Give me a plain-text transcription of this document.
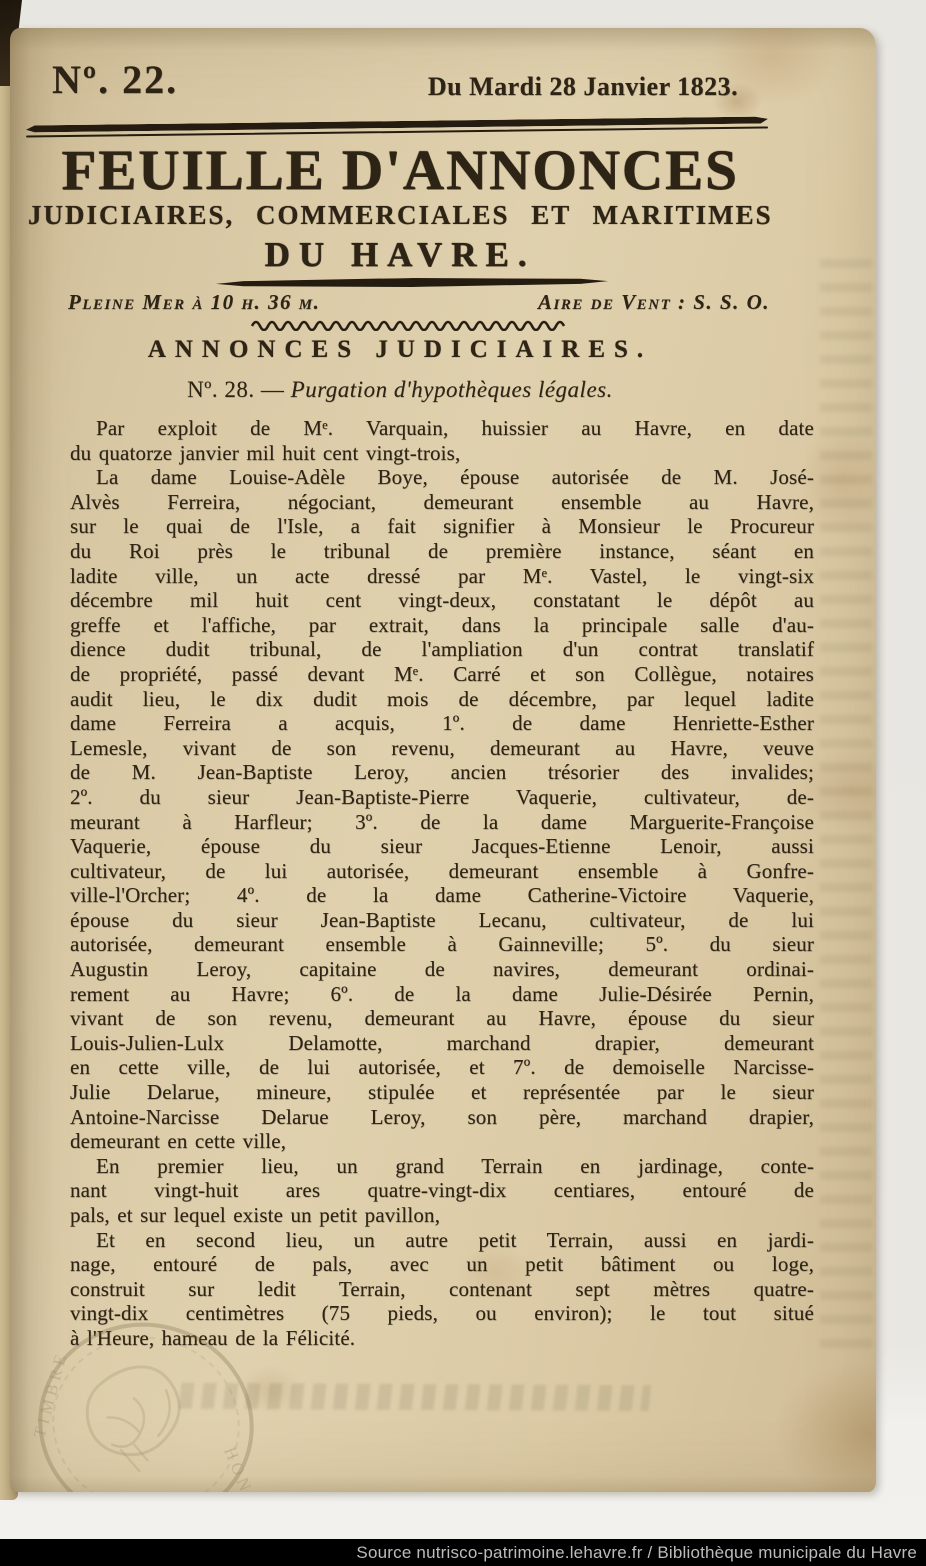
Nº. 22.	Du Mardi 28 Janvier 1823.
FEUILLE D'ANNONCES
JUDICIAIRES, COMMERCIALES ET MARITIMES
DU HAVRE.
Pleine Mer à 10 h. 36 m.	Aire de Vent : S. S. O.
ANNONCES JUDICIAIRES.
Nº. 28. — Purgation d'hypothèques légales.
Par exploit de Mᵉ. Varquain, huissier au Havre, en date
du quatorze janvier mil huit cent vingt-trois,
La dame Louise-Adèle Boye, épouse autorisée de M. José-
Alvès Ferreira, négociant, demeurant ensemble au Havre,
sur le quai de l'Isle, a fait signifier à Monsieur le Procureur
du Roi près le tribunal de première instance, séant en
ladite ville, un acte dressé par Mᵉ. Vastel, le vingt-six
décembre mil huit cent vingt-deux, constatant le dépôt au
greffe et l'affiche, par extrait, dans la principale salle d'au-
dience dudit tribunal, de l'ampliation d'un contrat translatif
de propriété, passé devant Mᵉ. Carré et son Collègue, notaires
audit lieu, le dix dudit mois de décembre, par lequel ladite
dame Ferreira a acquis, 1º. de dame Henriette-Esther
Lemesle, vivant de son revenu, demeurant au Havre, veuve
de M. Jean-Baptiste Leroy, ancien trésorier des invalides;
2º. du sieur Jean-Baptiste-Pierre Vaquerie, cultivateur, de-
meurant à Harfleur; 3º. de la dame Marguerite-Françoise
Vaquerie, épouse du sieur Jacques-Etienne Lenoir, aussi
cultivateur, de lui autorisée, demeurant ensemble à Gonfre-
ville-l'Orcher; 4º. de la dame Catherine-Victoire Vaquerie,
épouse du sieur Jean-Baptiste Lecanu, cultivateur, de lui
autorisée, demeurant ensemble à Gainneville; 5º. du sieur
Augustin Leroy, capitaine de navires, demeurant ordinai-
rement au Havre; 6º. de la dame Julie-Désirée Pernin,
vivant de son revenu, demeurant au Havre, épouse du sieur
Louis-Julien-Lulx Delamotte, marchand drapier, demeurant
en cette ville, de lui autorisée, et 7º. de demoiselle Narcisse-
Julie Delarue, mineure, stipulée et représentée par le sieur
Antoine-Narcisse Delarue Leroy, son père, marchand drapier,
demeurant en cette ville,
En premier lieu, un grand Terrain en jardinage, conte-
nant vingt-huit ares quatre-vingt-dix centiares, entouré de
pals, et sur lequel existe un petit pavillon,
Et en second lieu, un autre petit Terrain, aussi en jardi-
nage, entouré de pals, avec un petit bâtiment ou loge,
construit sur ledit Terrain, contenant sept mètres quatre-
vingt-dix centimètres (75 pieds, ou environ); le tout situé
à l'Heure, hameau de la Félicité.
T I M B R E
H O N
Source nutrisco-patrimoine.lehavre.fr / Bibliothèque municipale du Havre
